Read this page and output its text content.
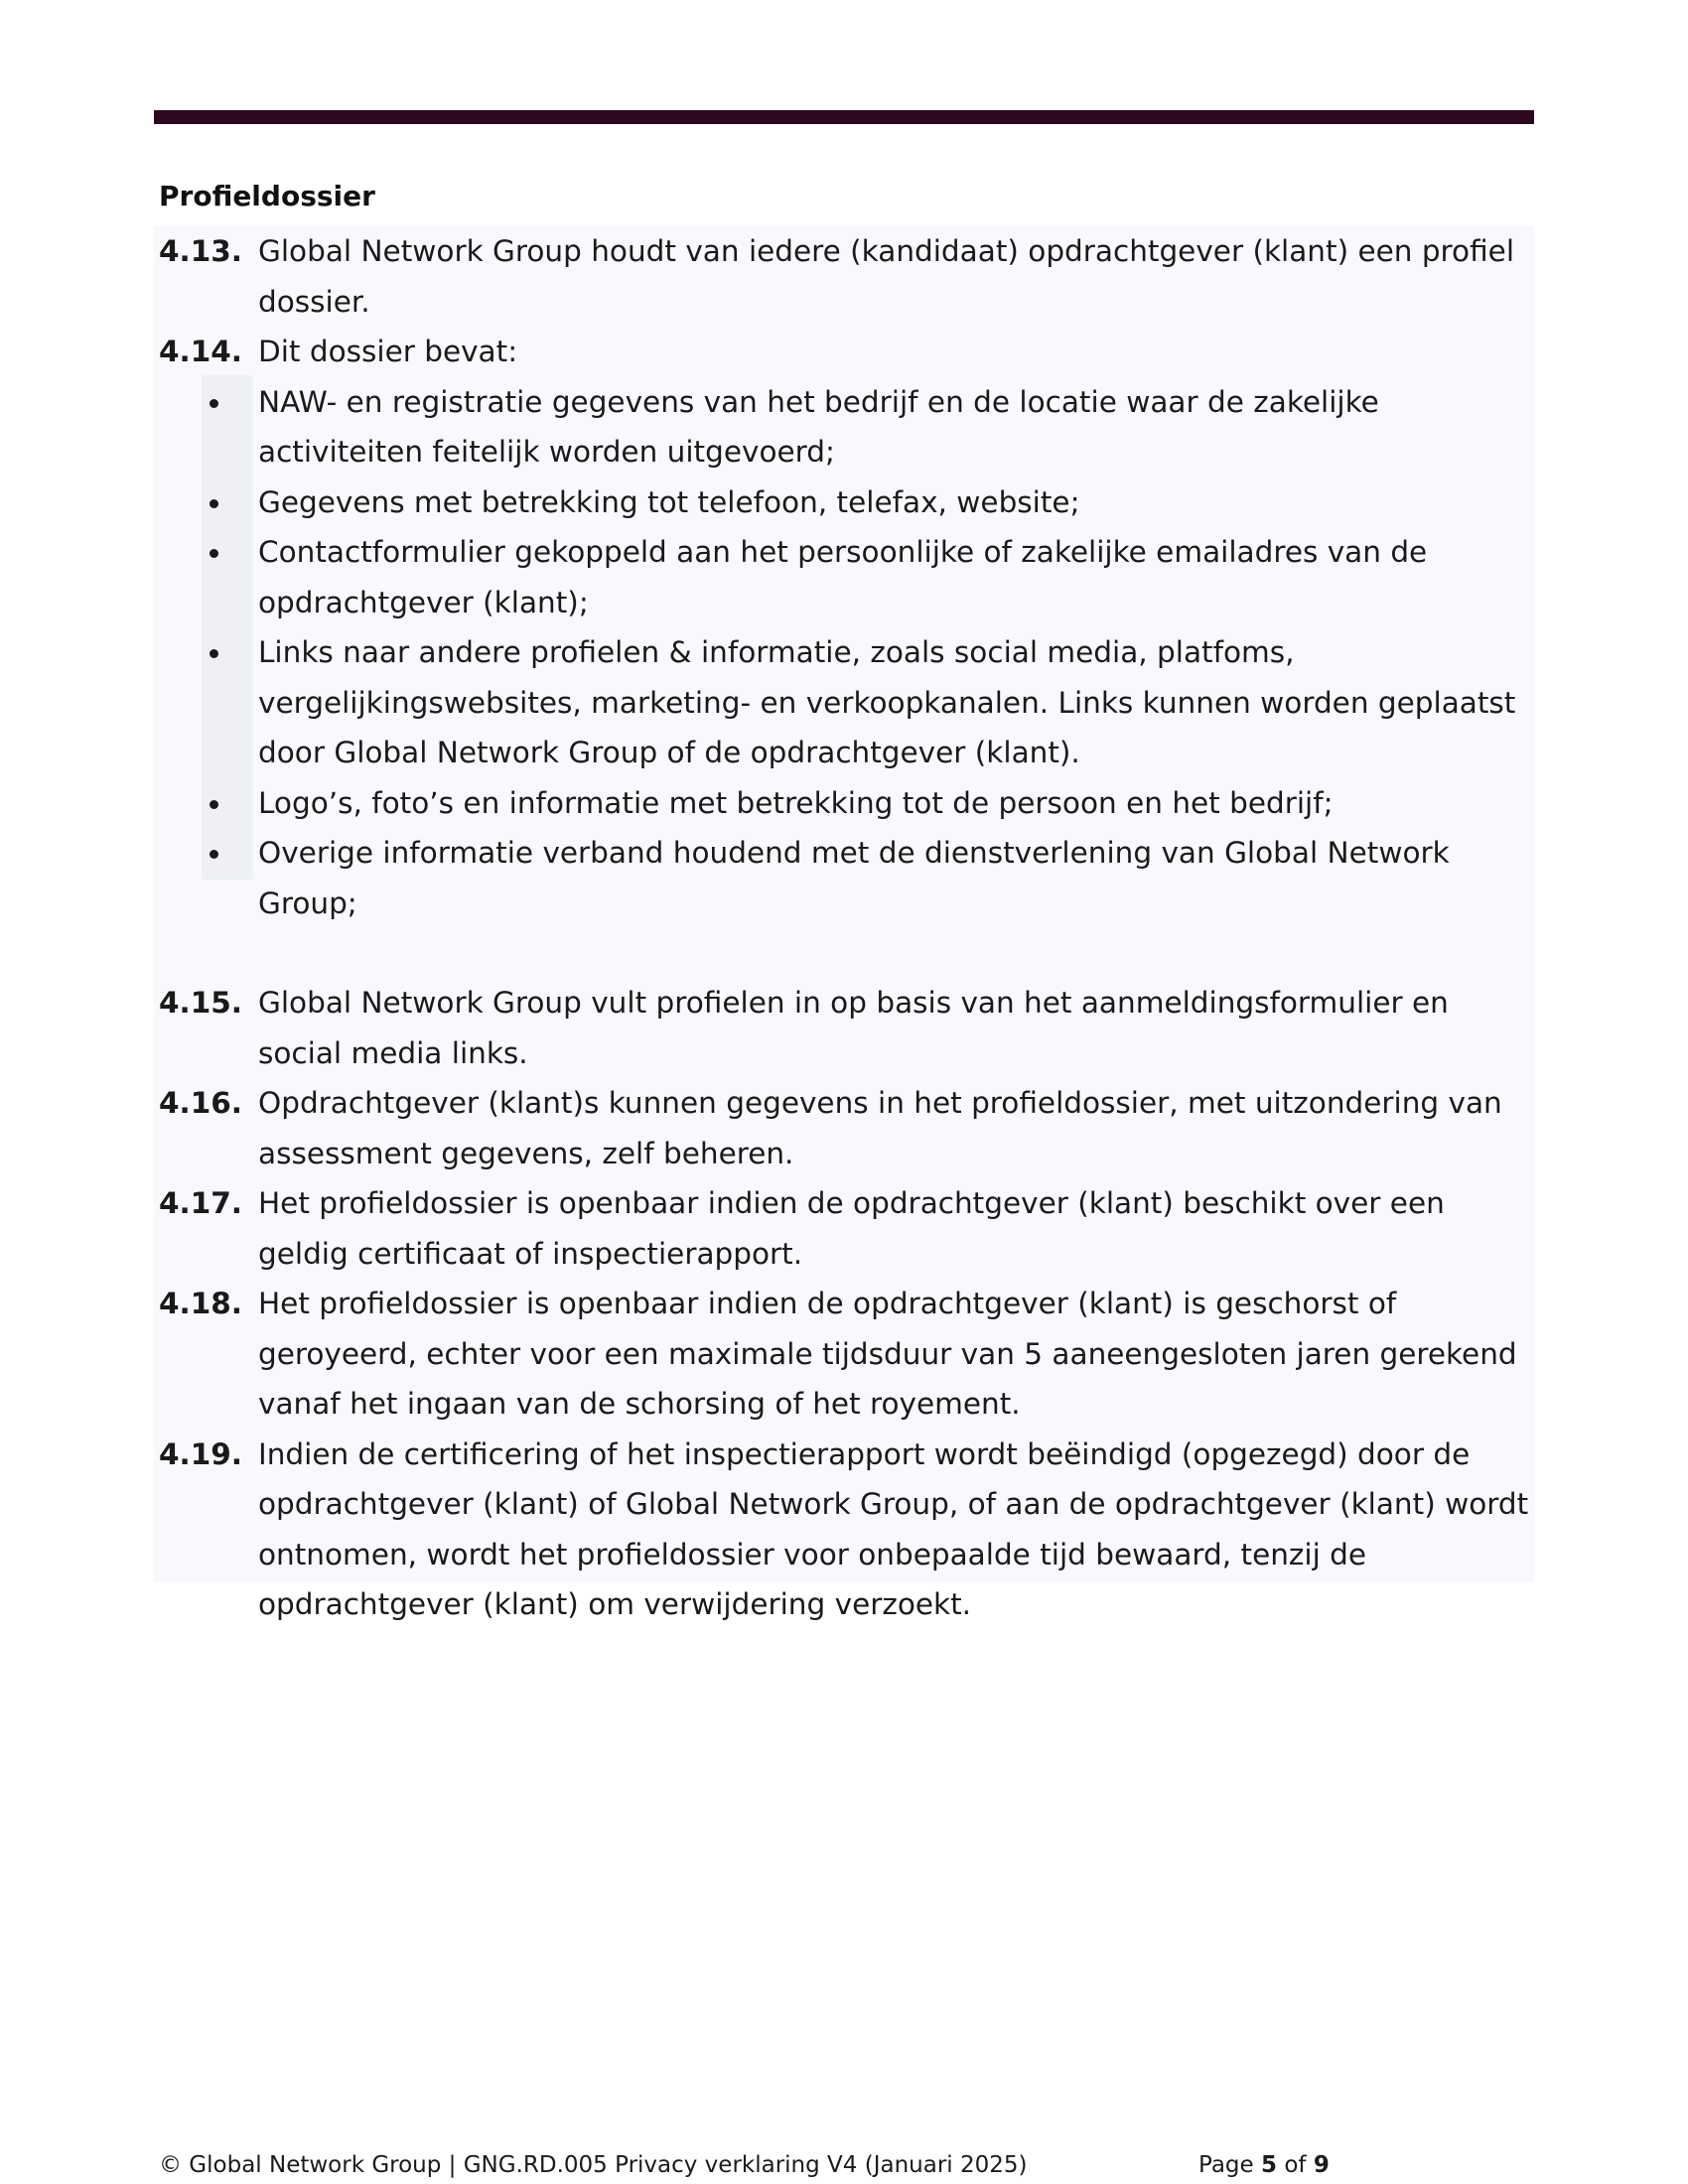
Profieldossier
4.13. Global Network Group houdt van iedere (kandidaat) opdrachtgever (klant) een profiel dossier.
4.14. Dit dossier bevat:
NAW- en registratie gegevens van het bedrijf en de locatie waar de zakelijke activiteiten feitelijk worden uitgevoerd;
Gegevens met betrekking tot telefoon, telefax, website;
Contactformulier gekoppeld aan het persoonlijke of zakelijke emailadres van de opdrachtgever (klant);
Links naar andere profielen & informatie, zoals social media, platfoms, vergelijkingswebsites, marketing- en verkoopkanalen. Links kunnen worden geplaatst door Global Network Group of de opdrachtgever (klant).
Logo’s, foto’s en informatie met betrekking tot de persoon en het bedrijf;
Overige informatie verband houdend met de dienstverlening van Global Network Group;
4.15. Global Network Group vult profielen in op basis van het aanmeldingsformulier en social media links.
4.16. Opdrachtgever (klant)s kunnen gegevens in het profieldossier, met uitzondering van assessment gegevens, zelf beheren.
4.17. Het profieldossier is openbaar indien de opdrachtgever (klant) beschikt over een geldig certificaat of inspectierapport.
4.18. Het profieldossier is openbaar indien de opdrachtgever (klant) is geschorst of geroyeerd, echter voor een maximale tijdsduur van 5 aaneengesloten jaren gerekend vanaf het ingaan van de schorsing of het royement.
4.19. Indien de certificering of het inspectierapport wordt beëindigd (opgezegd) door de opdrachtgever (klant) of Global Network Group, of aan de opdrachtgever (klant) wordt ontnomen, wordt het profieldossier voor onbepaalde tijd bewaard, tenzij de opdrachtgever (klant) om verwijdering verzoekt.
© Global Network Group | GNG.RD.005 Privacy verklaring V4 (Januari 2025)	Page 5 of 9
